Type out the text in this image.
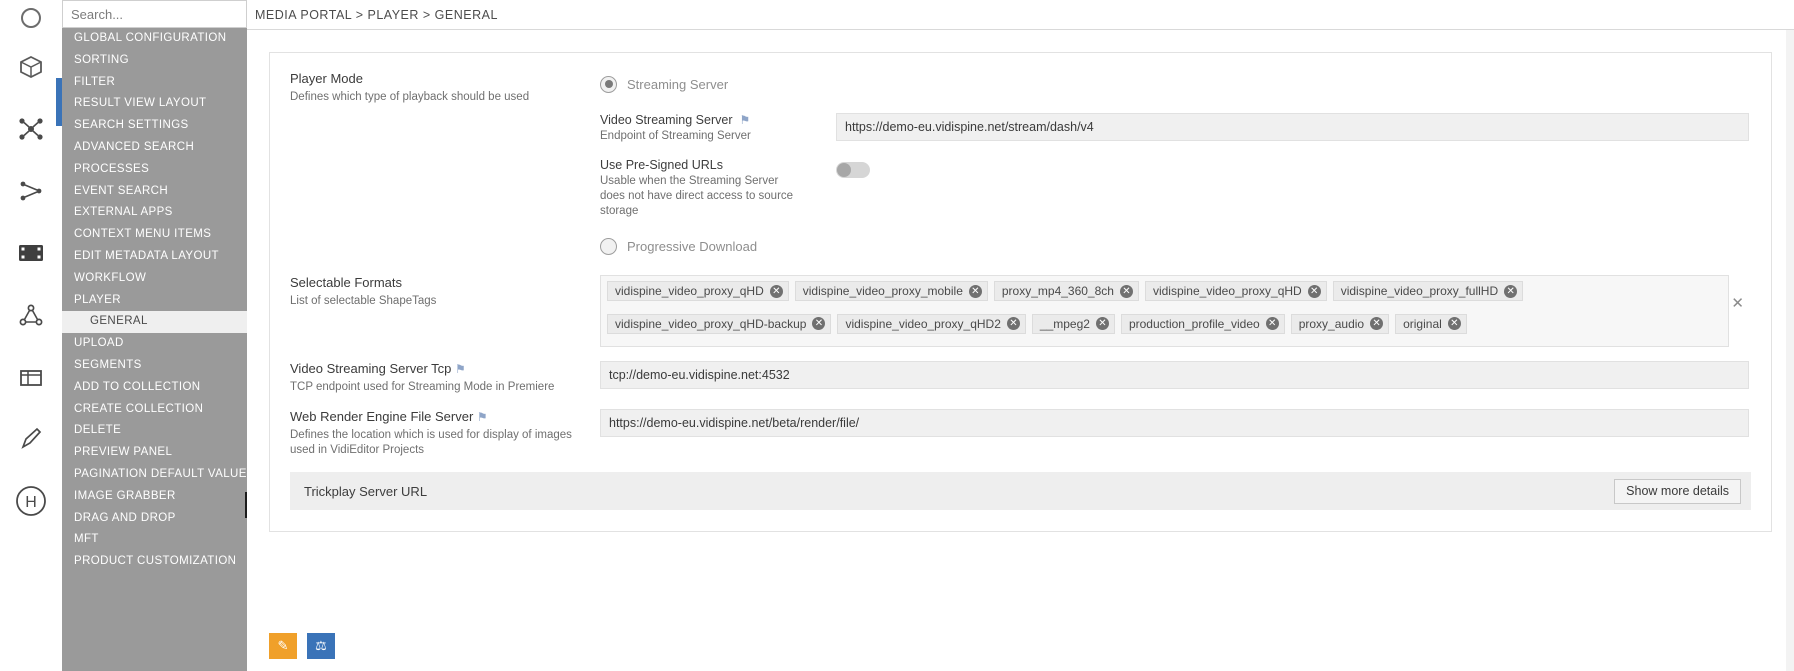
H
Search...
GLOBAL CONFIGURATION
SORTING
FILTER
RESULT VIEW LAYOUT
SEARCH SETTINGS
ADVANCED SEARCH
PROCESSES
EVENT SEARCH
EXTERNAL APPS
CONTEXT MENU ITEMS
EDIT METADATA LAYOUT
WORKFLOW
PLAYER
GENERAL
UPLOAD
SEGMENTS
ADD TO COLLECTION
CREATE COLLECTION
DELETE
PREVIEW PANEL
PAGINATION DEFAULT VALUE
IMAGE GRABBER
DRAG AND DROP
MFT
PRODUCT CUSTOMIZATION
MEDIA PORTAL > PLAYER > GENERAL
Player Mode
Defines which type of playback should be used
Streaming Server
Video Streaming Server ⚑
Endpoint of Streaming Server
https://demo-eu.vidispine.net/stream/dash/v4
Use Pre-Signed URLs
Usable when the Streaming Server does not have direct access to source storage
Progressive Download
Selectable Formats
List of selectable ShapeTags
vidispine_video_proxy_qHD ✕ vidispine_video_proxy_mobile ✕ proxy_mp4_360_8ch ✕ vidispine_video_proxy_qHD ✕ vidispine_video_proxy_fullHD ✕
vidispine_video_proxy_qHD-backup ✕ vidispine_video_proxy_qHD2 ✕ __mpeg2 ✕ production_profile_video ✕ proxy_audio ✕ original ✕
✕
Video Streaming Server Tcp ⚑
TCP endpoint used for Streaming Mode in Premiere
tcp://demo-eu.vidispine.net:4532
Web Render Engine File Server ⚑
Defines the location which is used for display of images used in VidiEditor Projects
https://demo-eu.vidispine.net/beta/render/file/
Trickplay Server URL	Show more details
✎	⚖
